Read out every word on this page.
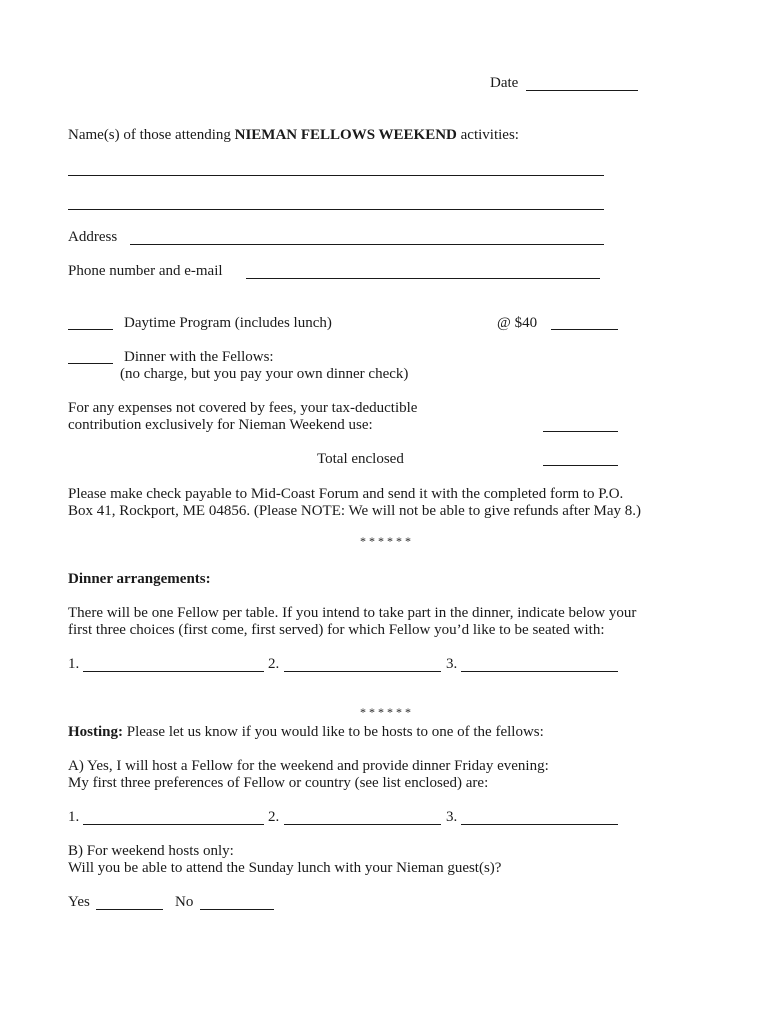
Date
Name(s) of those attending NIEMAN FELLOWS WEEKEND activities:
Address
Phone number and e-mail
Daytime Program (includes lunch)	@ $40
Dinner with the Fellows:
(no charge, but you pay your own dinner check)
For any expenses not covered by fees, your tax-deductible
contribution exclusively for Nieman Weekend use:
Total enclosed
Please make check payable to Mid-Coast Forum and send it with the completed form to P.O.
Box 41, Rockport, ME 04856. (Please NOTE: We will not be able to give refunds after May 8.)
* * * * * *
Dinner arrangements:
There will be one Fellow per table. If you intend to take part in the dinner, indicate below your
first three choices (first come, first served) for which Fellow you’d like to be seated with:
1.	2.	3.
* * * * * *
Hosting: Please let us know if you would like to be hosts to one of the fellows:
A) Yes, I will host a Fellow for the weekend and provide dinner Friday evening:
My first three preferences of Fellow or country (see list enclosed) are:
1.	2.	3.
B) For weekend hosts only:
Will you be able to attend the Sunday lunch with your Nieman guest(s)?
Yes	No
